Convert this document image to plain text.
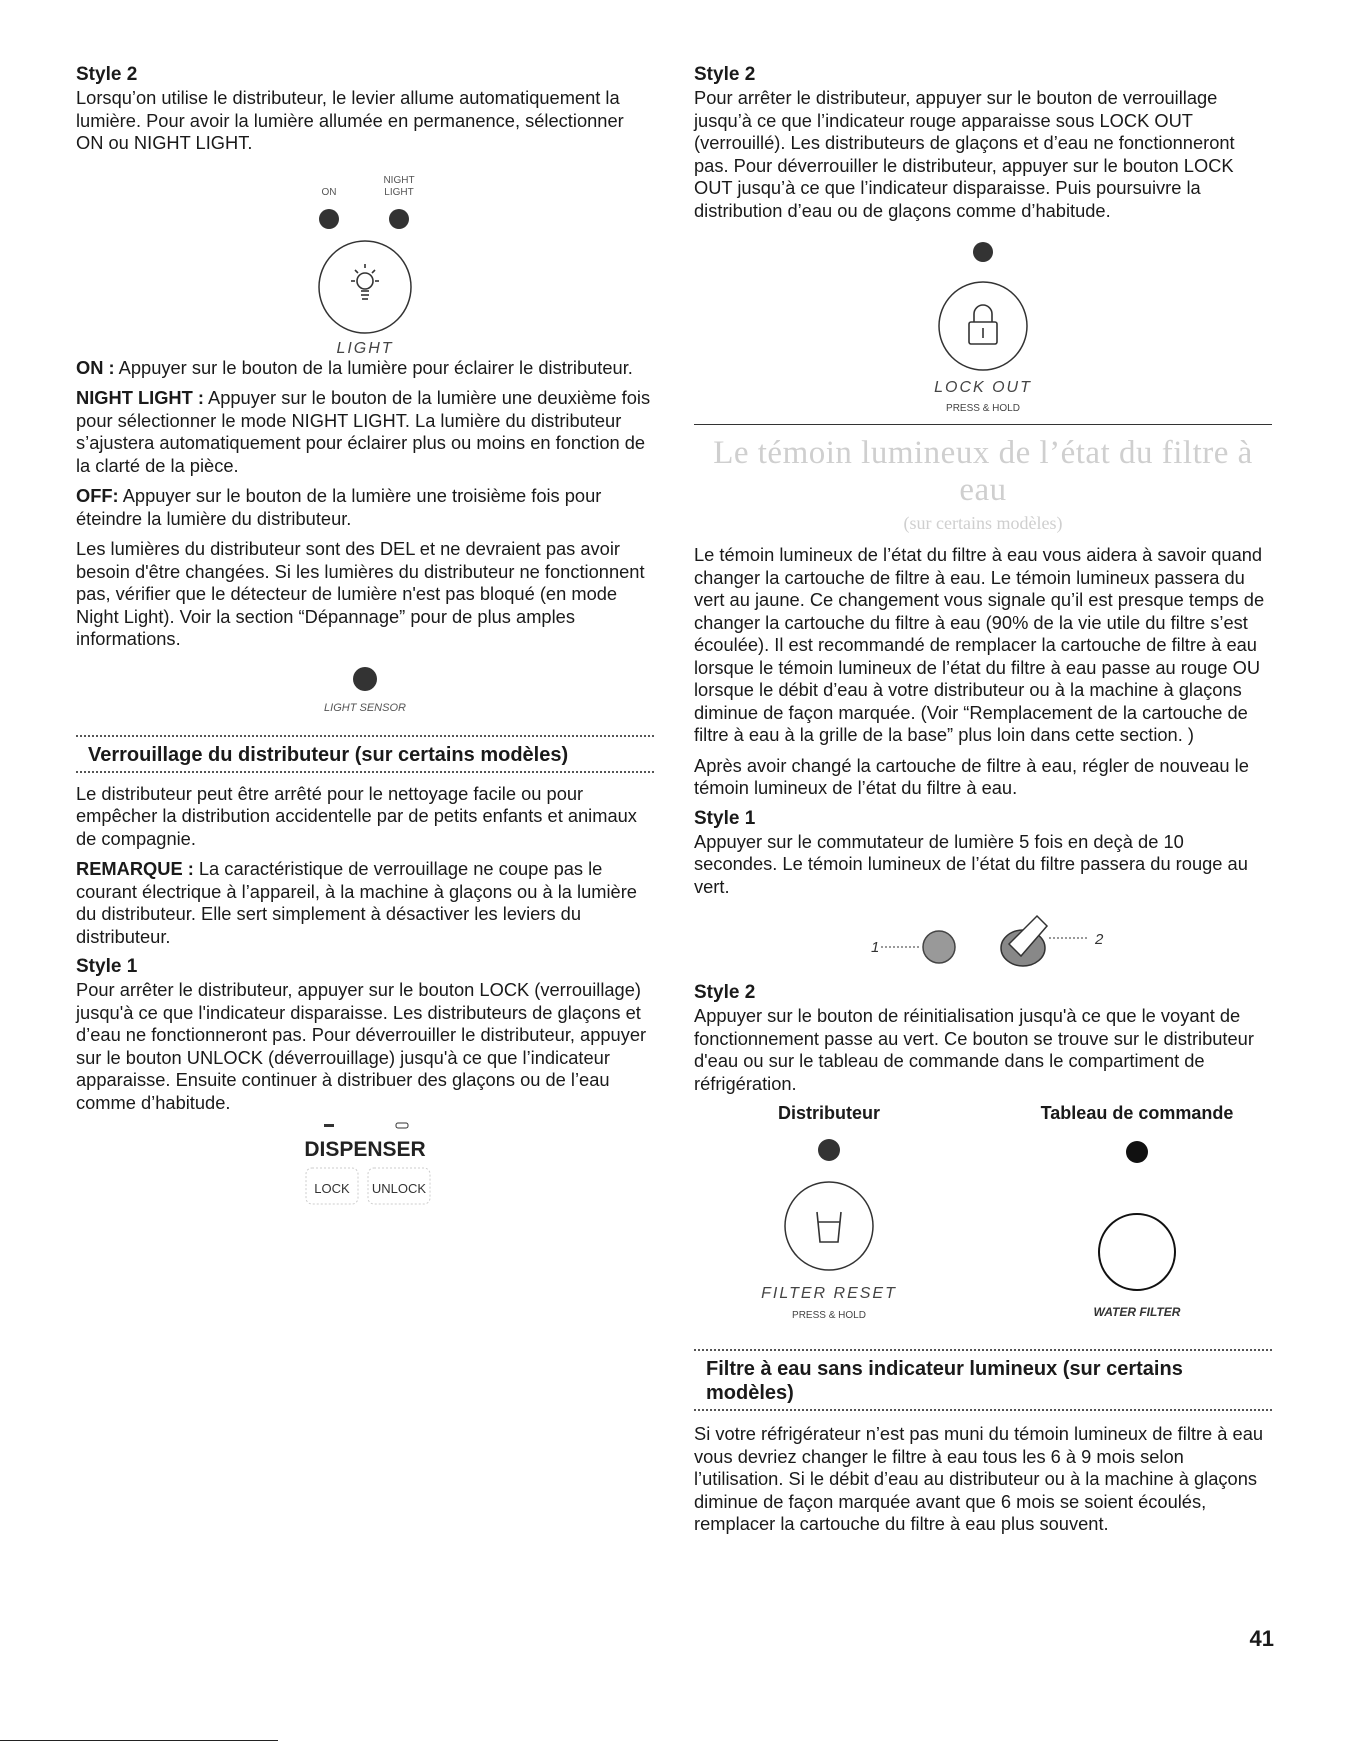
Style 2

Lorsqu’on utilise le distributeur, le levier allume automatiquement la lumière. Pour avoir la lumière allumée en permanence, sélectionner ON ou NIGHT LIGHT.

ON
NIGHT
LIGHT
LIGHT

ON : Appuyer sur le bouton de la lumière pour éclairer le distributeur.

NIGHT LIGHT : Appuyer sur le bouton de la lumière une deuxième fois pour sélectionner le mode NIGHT LIGHT. La lumière du distributeur s’ajustera automatiquement pour éclairer plus ou moins en fonction de la clarté de la pièce.

OFF: Appuyer sur le bouton de la lumière une troisième fois pour éteindre la lumière du distributeur.

Les lumières du distributeur sont des DEL et ne devraient pas avoir besoin d'être changées. Si les lumières du distributeur ne fonctionnent pas, vérifier que le détecteur de lumière n'est pas bloqué (en mode Night Light). Voir la section “Dépannage” pour de plus amples informations.

LIGHT SENSOR
Verrouillage du distributeur (sur certains modèles)

Le distributeur peut être arrêté pour le nettoyage facile ou pour empêcher la distribution accidentelle par de petits enfants et animaux de compagnie.

REMARQUE : La caractéristique de verrouillage ne coupe pas le courant électrique à l’appareil, à la machine à glaçons ou à la lumière du distributeur. Elle sert simplement à désactiver les leviers du distributeur.

Style 1

Pour arrêter le distributeur, appuyer sur le bouton LOCK (verrouillage) jusqu'à ce que l'indicateur disparaisse. Les distributeurs de glaçons et d’eau ne fonctionneront pas. Pour déverrouiller le distributeur, appuyer sur le bouton UNLOCK (déverrouillage) jusqu'à ce que l’indicateur apparaisse. Ensuite continuer à distribuer des glaçons ou de l’eau comme d’habitude.

DISPENSER
LOCK UNLOCK
Style 2

Pour arrêter le distributeur, appuyer sur le bouton de verrouillage jusqu’à ce que l’indicateur rouge apparaisse sous LOCK OUT (verrouillé). Les distributeurs de glaçons et d’eau ne fonctionneront pas. Pour déverrouiller le distributeur, appuyer sur le bouton LOCK OUT jusqu’à ce que l’indicateur disparaisse. Puis poursuivre la distribution d’eau ou de glaçons comme d’habitude.

LOCK OUT
PRESS & HOLD
Le témoin lumineux de l’état du filtre à eau
(sur certains modèles)

Le témoin lumineux de l’état du filtre à eau vous aidera à savoir quand changer la cartouche de filtre à eau. Le témoin lumineux passera du vert au jaune. Ce changement vous signale qu’il est presque temps de changer la cartouche du filtre à eau (90% de la vie utile du filtre s’est écoulée). Il est recommandé de remplacer la cartouche de filtre à eau lorsque le témoin lumineux de l’état du filtre à eau passe au rouge OU lorsque le débit d’eau à votre distributeur ou à la machine à glaçons diminue de façon marquée. (Voir “Remplacement de la cartouche de filtre à eau à la grille de la base” plus loin dans cette section. )

Après avoir changé la cartouche de filtre à eau, régler de nouveau le témoin lumineux de l’état du filtre à eau.

Style 1

Appuyer sur le commutateur de lumière 5 fois en deçà de 10 secondes. Le témoin lumineux de l’état du filtre passera du rouge au vert.

1	2
Style 2

Appuyer sur le bouton de réinitialisation jusqu'à ce que le voyant de fonctionnement passe au vert. Ce bouton se trouve sur le distributeur d'eau ou sur le tableau de commande dans le compartiment de réfrigération.

Distributeur
FILTER RESET
PRESS & HOLD
Tableau de commande
WATER FILTER
Filtre à eau sans indicateur lumineux (sur certains modèles)

Si votre réfrigérateur n’est pas muni du témoin lumineux de filtre à eau vous devriez changer le filtre à eau tous les 6 à 9 mois selon l’utilisation. Si le débit d’eau au distributeur ou à la machine à glaçons diminue de façon marquée avant que 6 mois se soient écoulés, remplacer la cartouche du filtre à eau plus souvent.

41
